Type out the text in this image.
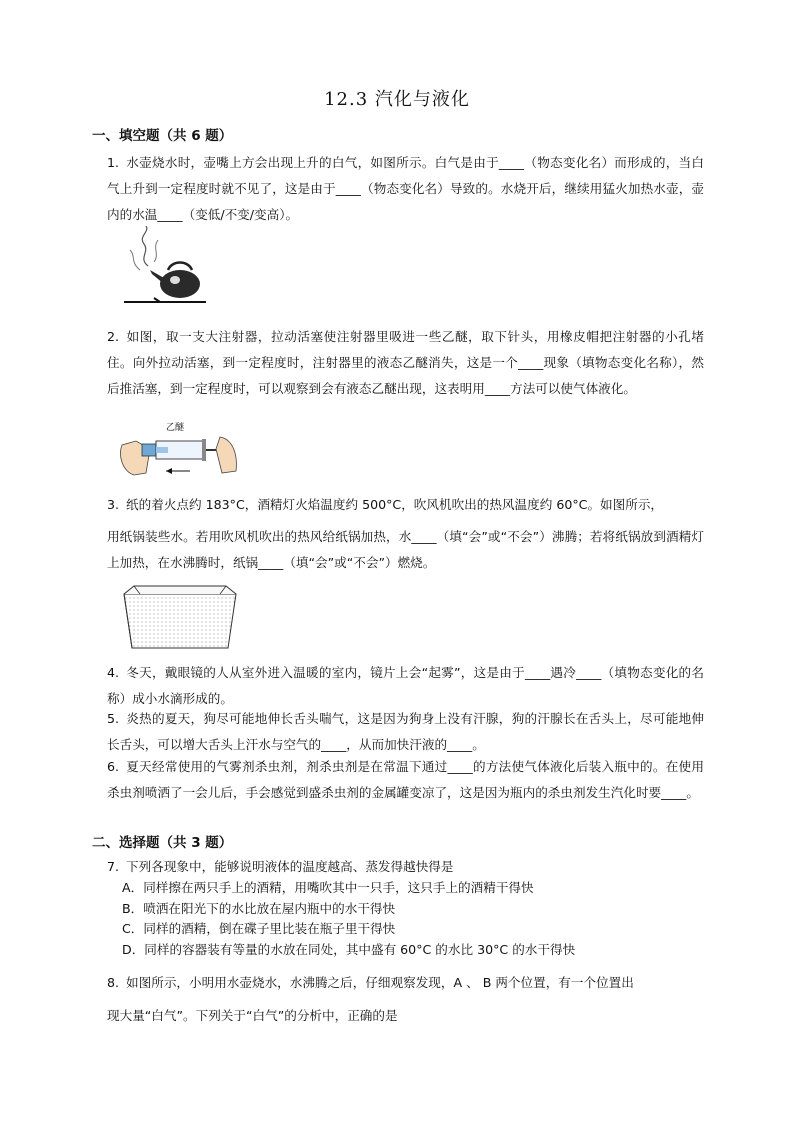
12.3 汽化与液化
一、填空题（共 6 题）
1. 水壶烧水时，壶嘴上方会出现上升的白气，如图所示。白气是由于____（物态变化名）而形成的，当白气上升到一定程度时就不见了，这是由于____（物态变化名）导致的。水烧开后，继续用猛火加热水壶，壶内的水温____（变低/不变/变高）。
2. 如图，取一支大注射器，拉动活塞使注射器里吸进一些乙醚，取下针头，用橡皮帽把注射器的小孔堵住。向外拉动活塞，到一定程度时，注射器里的液态乙醚消失，这是一个____现象（填物态变化名称），然后推活塞，到一定程度时，可以观察到会有液态乙醚出现，这表明用____方法可以使气体液化。
乙醚
3. 纸的着火点约 183°C，酒精灯火焰温度约 500°C，吹风机吹出的热风温度约 60°C。如图所示，
用纸锅装些水。若用吹风机吹出的热风给纸锅加热，水____（填“会”或“不会”）沸腾；若将纸锅放到酒精灯上加热，在水沸腾时，纸锅____（填“会”或“不会”）燃烧。
4. 冬天，戴眼镜的人从室外进入温暖的室内，镜片上会“起雾”，这是由于____遇冷____（填物态变化的名称）成小水滴形成的。
5. 炎热的夏天，狗尽可能地伸长舌头喘气，这是因为狗身上没有汗腺，狗的汗腺长在舌头上，尽可能地伸长舌头，可以增大舌头上汗水与空气的____，从而加快汗液的____。
6. 夏天经常使用的气雾剂杀虫剂，剂杀虫剂是在常温下通过____的方法使气体液化后装入瓶中的。在使用杀虫剂喷洒了一会儿后，手会感觉到盛杀虫剂的金属罐变凉了，这是因为瓶内的杀虫剂发生汽化时要____。
二、选择题（共 3 题）
7. 下列各现象中，能够说明液体的温度越高、蒸发得越快得是
A．同样擦在两只手上的酒精，用嘴吹其中一只手，这只手上的酒精干得快
B．喷洒在阳光下的水比放在屋内瓶中的水干得快
C．同样的酒精，倒在碟子里比装在瓶子里干得快
D．同样的容器装有等量的水放在同处，其中盛有 60°C 的水比 30°C 的水干得快
8. 如图所示，小明用水壶烧水，水沸腾之后，仔细观察发现，A 、 B 两个位置，有一个位置出
现大量“白气”。下列关于“白气”的分析中，正确的是
